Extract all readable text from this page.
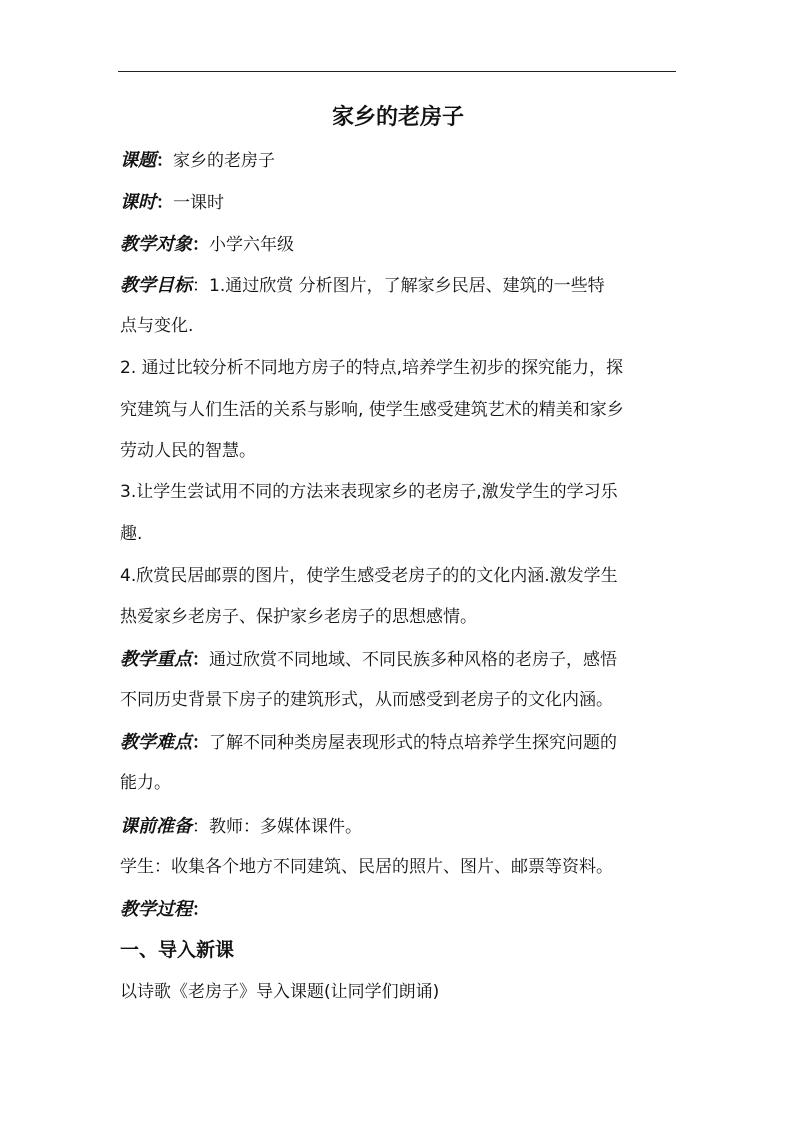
家乡的老房子
课题：家乡的老房子
课时：一课时
教学对象：小学六年级
教学目标：1.通过欣赏 分析图片，了解家乡民居、建筑的一些特
点与变化.
2. 通过比较分析不同地方房子的特点,培养学生初步的探究能力，探
究建筑与人们生活的关系与影响, 使学生感受建筑艺术的精美和家乡
劳动人民的智慧。
3.让学生尝试用不同的方法来表现家乡的老房子,激发学生的学习乐
趣.
4.欣赏民居邮票的图片，使学生感受老房子的的文化内涵.激发学生
热爱家乡老房子、保护家乡老房子的思想感情。
教学重点：通过欣赏不同地域、不同民族多种风格的老房子，感悟
不同历史背景下房子的建筑形式，从而感受到老房子的文化内涵。
教学难点：了解不同种类房屋表现形式的特点培养学生探究问题的
能力。
课前准备：教师：多媒体课件。
学生：收集各个地方不同建筑、民居的照片、图片、邮票等资料。
教学过程：
一、导入新课
以诗歌《老房子》导入课题(让同学们朗诵)
